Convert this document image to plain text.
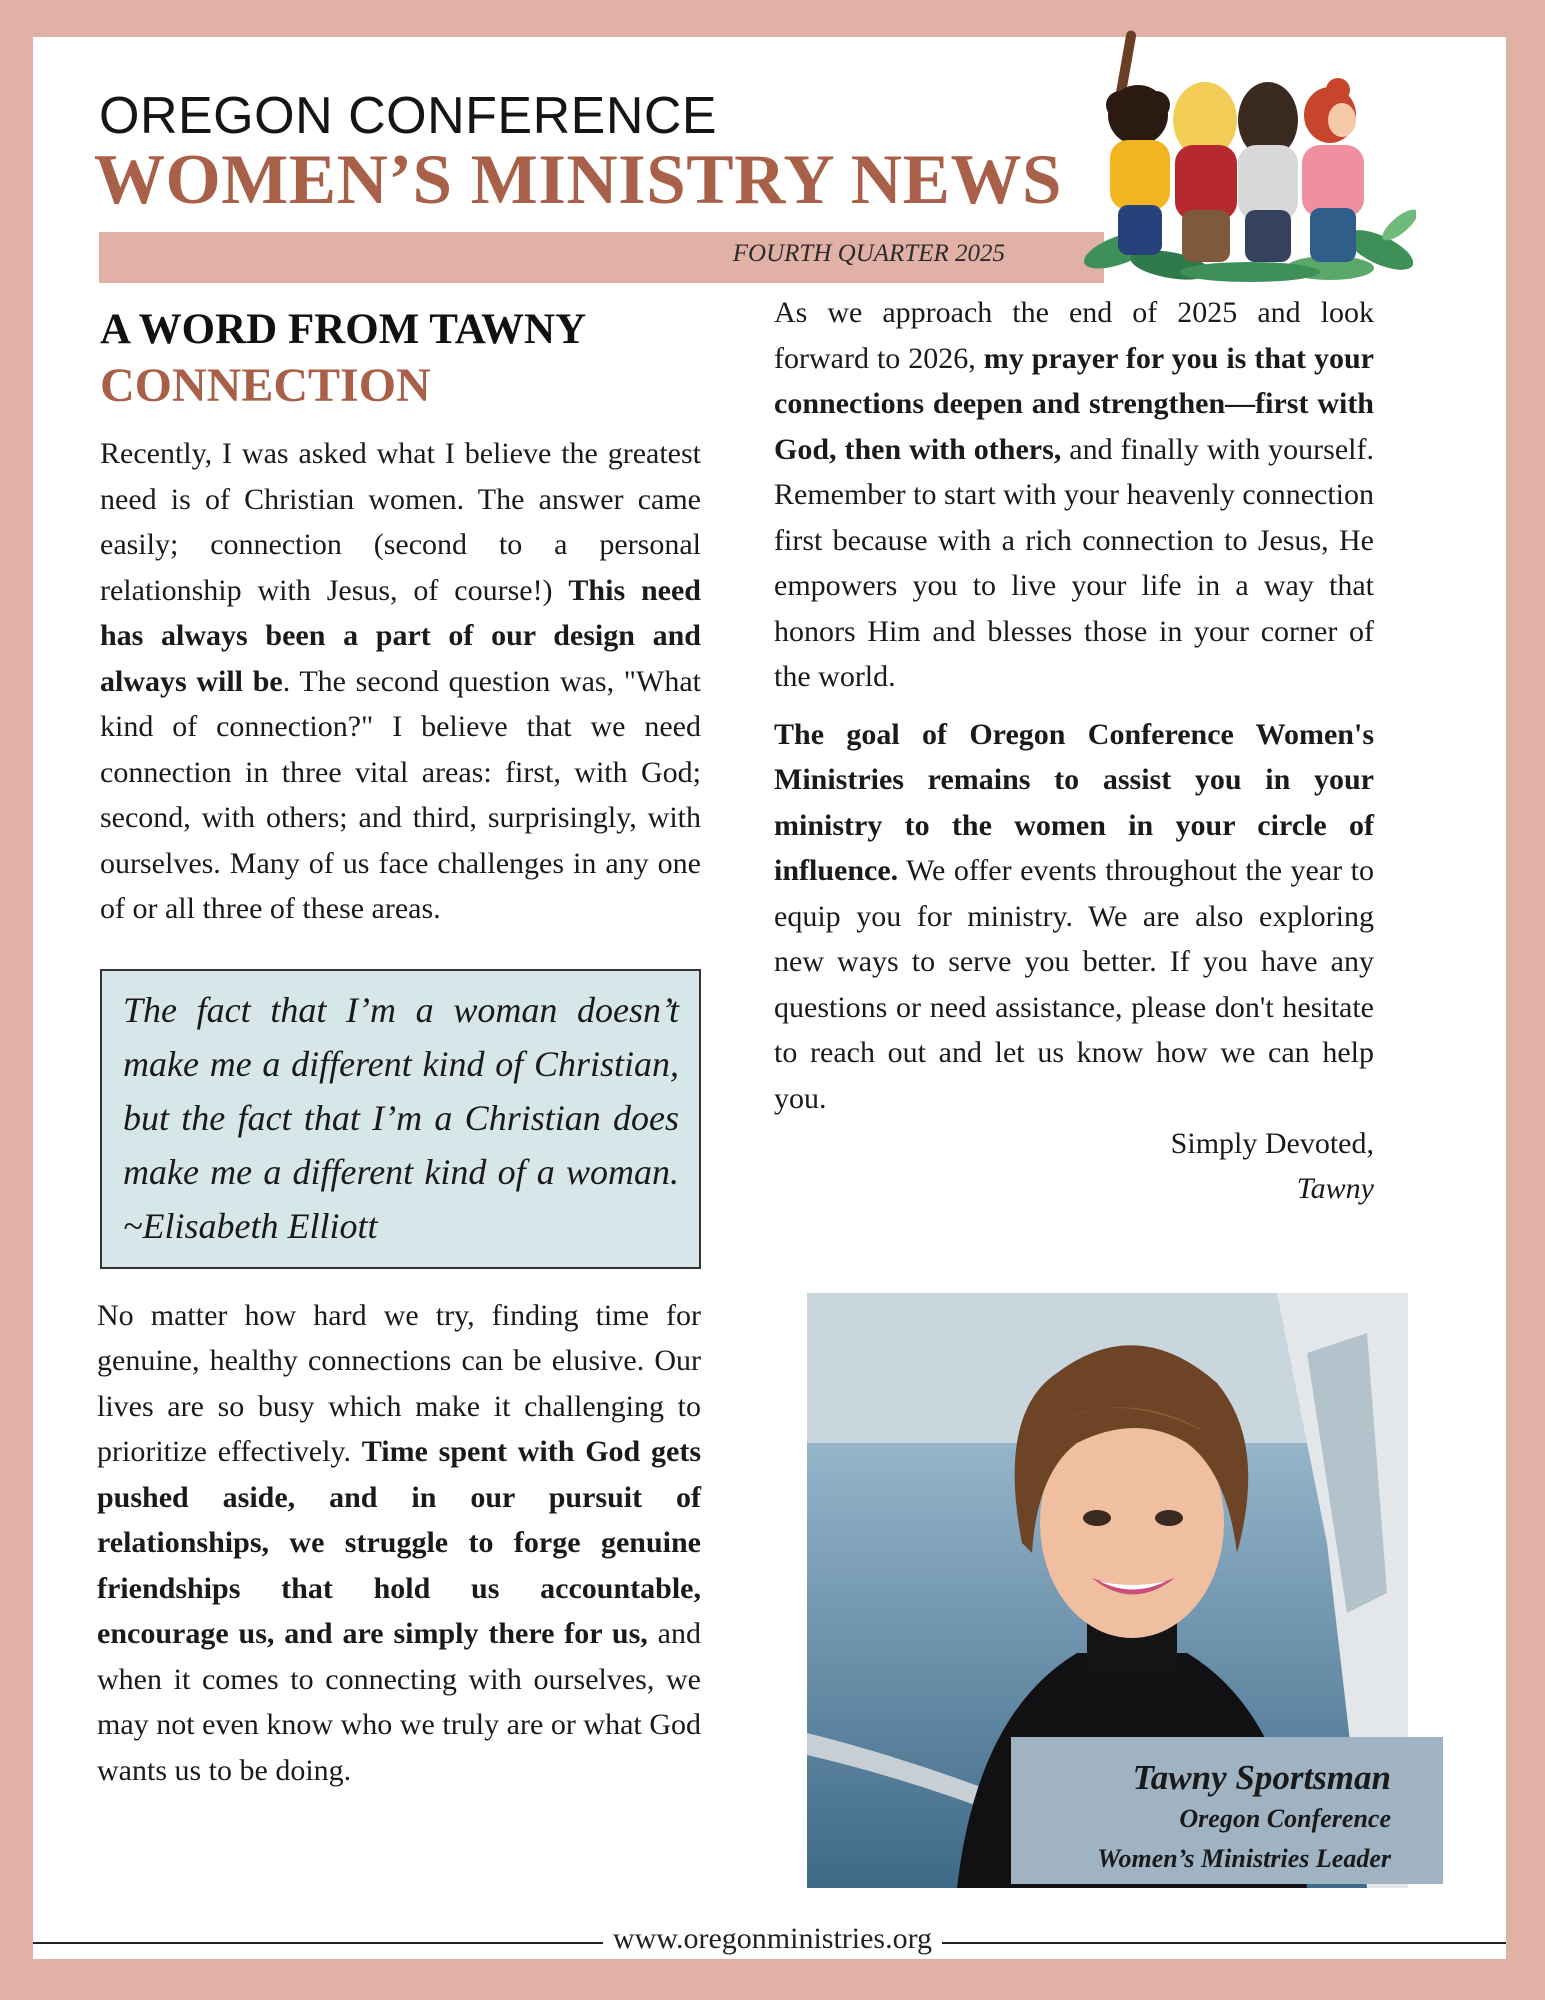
OREGON CONFERENCE
WOMEN’S MINISTRY NEWS
FOURTH QUARTER 2025
A WORD FROM TAWNY
CONNECTION

Recently, I was asked what I believe the greatest need is of Christian women. The answer came easily; connection (second to a personal relationship with Jesus, of course!) This need has always been a part of our design and always will be. The second question was, "What kind of connection?" I believe that we need connection in three vital areas: first, with God; second, with others; and third, surprisingly, with ourselves. Many of us face challenges in any one of or all three of these areas.

The fact that I’m a woman doesn’t make me a different kind of Christian, but the fact that I’m a Christian does make me a different kind of a woman. ~Elisabeth Elliott

No matter how hard we try, finding time for genuine, healthy connections can be elusive. Our lives are so busy which make it challenging to prioritize effectively. Time spent with God gets pushed aside, and in our pursuit of relationships, we struggle to forge genuine friendships that hold us accountable, encourage us, and are simply there for us, and when it comes to connecting with ourselves, we may not even know who we truly are or what God wants us to be doing.

As we approach the end of 2025 and look forward to 2026, my prayer for you is that your connections deepen and strengthen—first with God, then with others, and finally with yourself. Remember to start with your heavenly connection first because with a rich connection to Jesus, He empowers you to live your life in a way that honors Him and blesses those in your corner of the world.

The goal of Oregon Conference Women's Ministries remains to assist you in your ministry to the women in your circle of influence. We offer events throughout the year to equip you for ministry. We are also exploring new ways to serve you better. If you have any questions or need assistance, please don't hesitate to reach out and let us know how we can help you.

Simply Devoted,
Tawny
Tawny Sportsman
Oregon Conference
Women’s Ministries Leader
www.oregonministries.org
